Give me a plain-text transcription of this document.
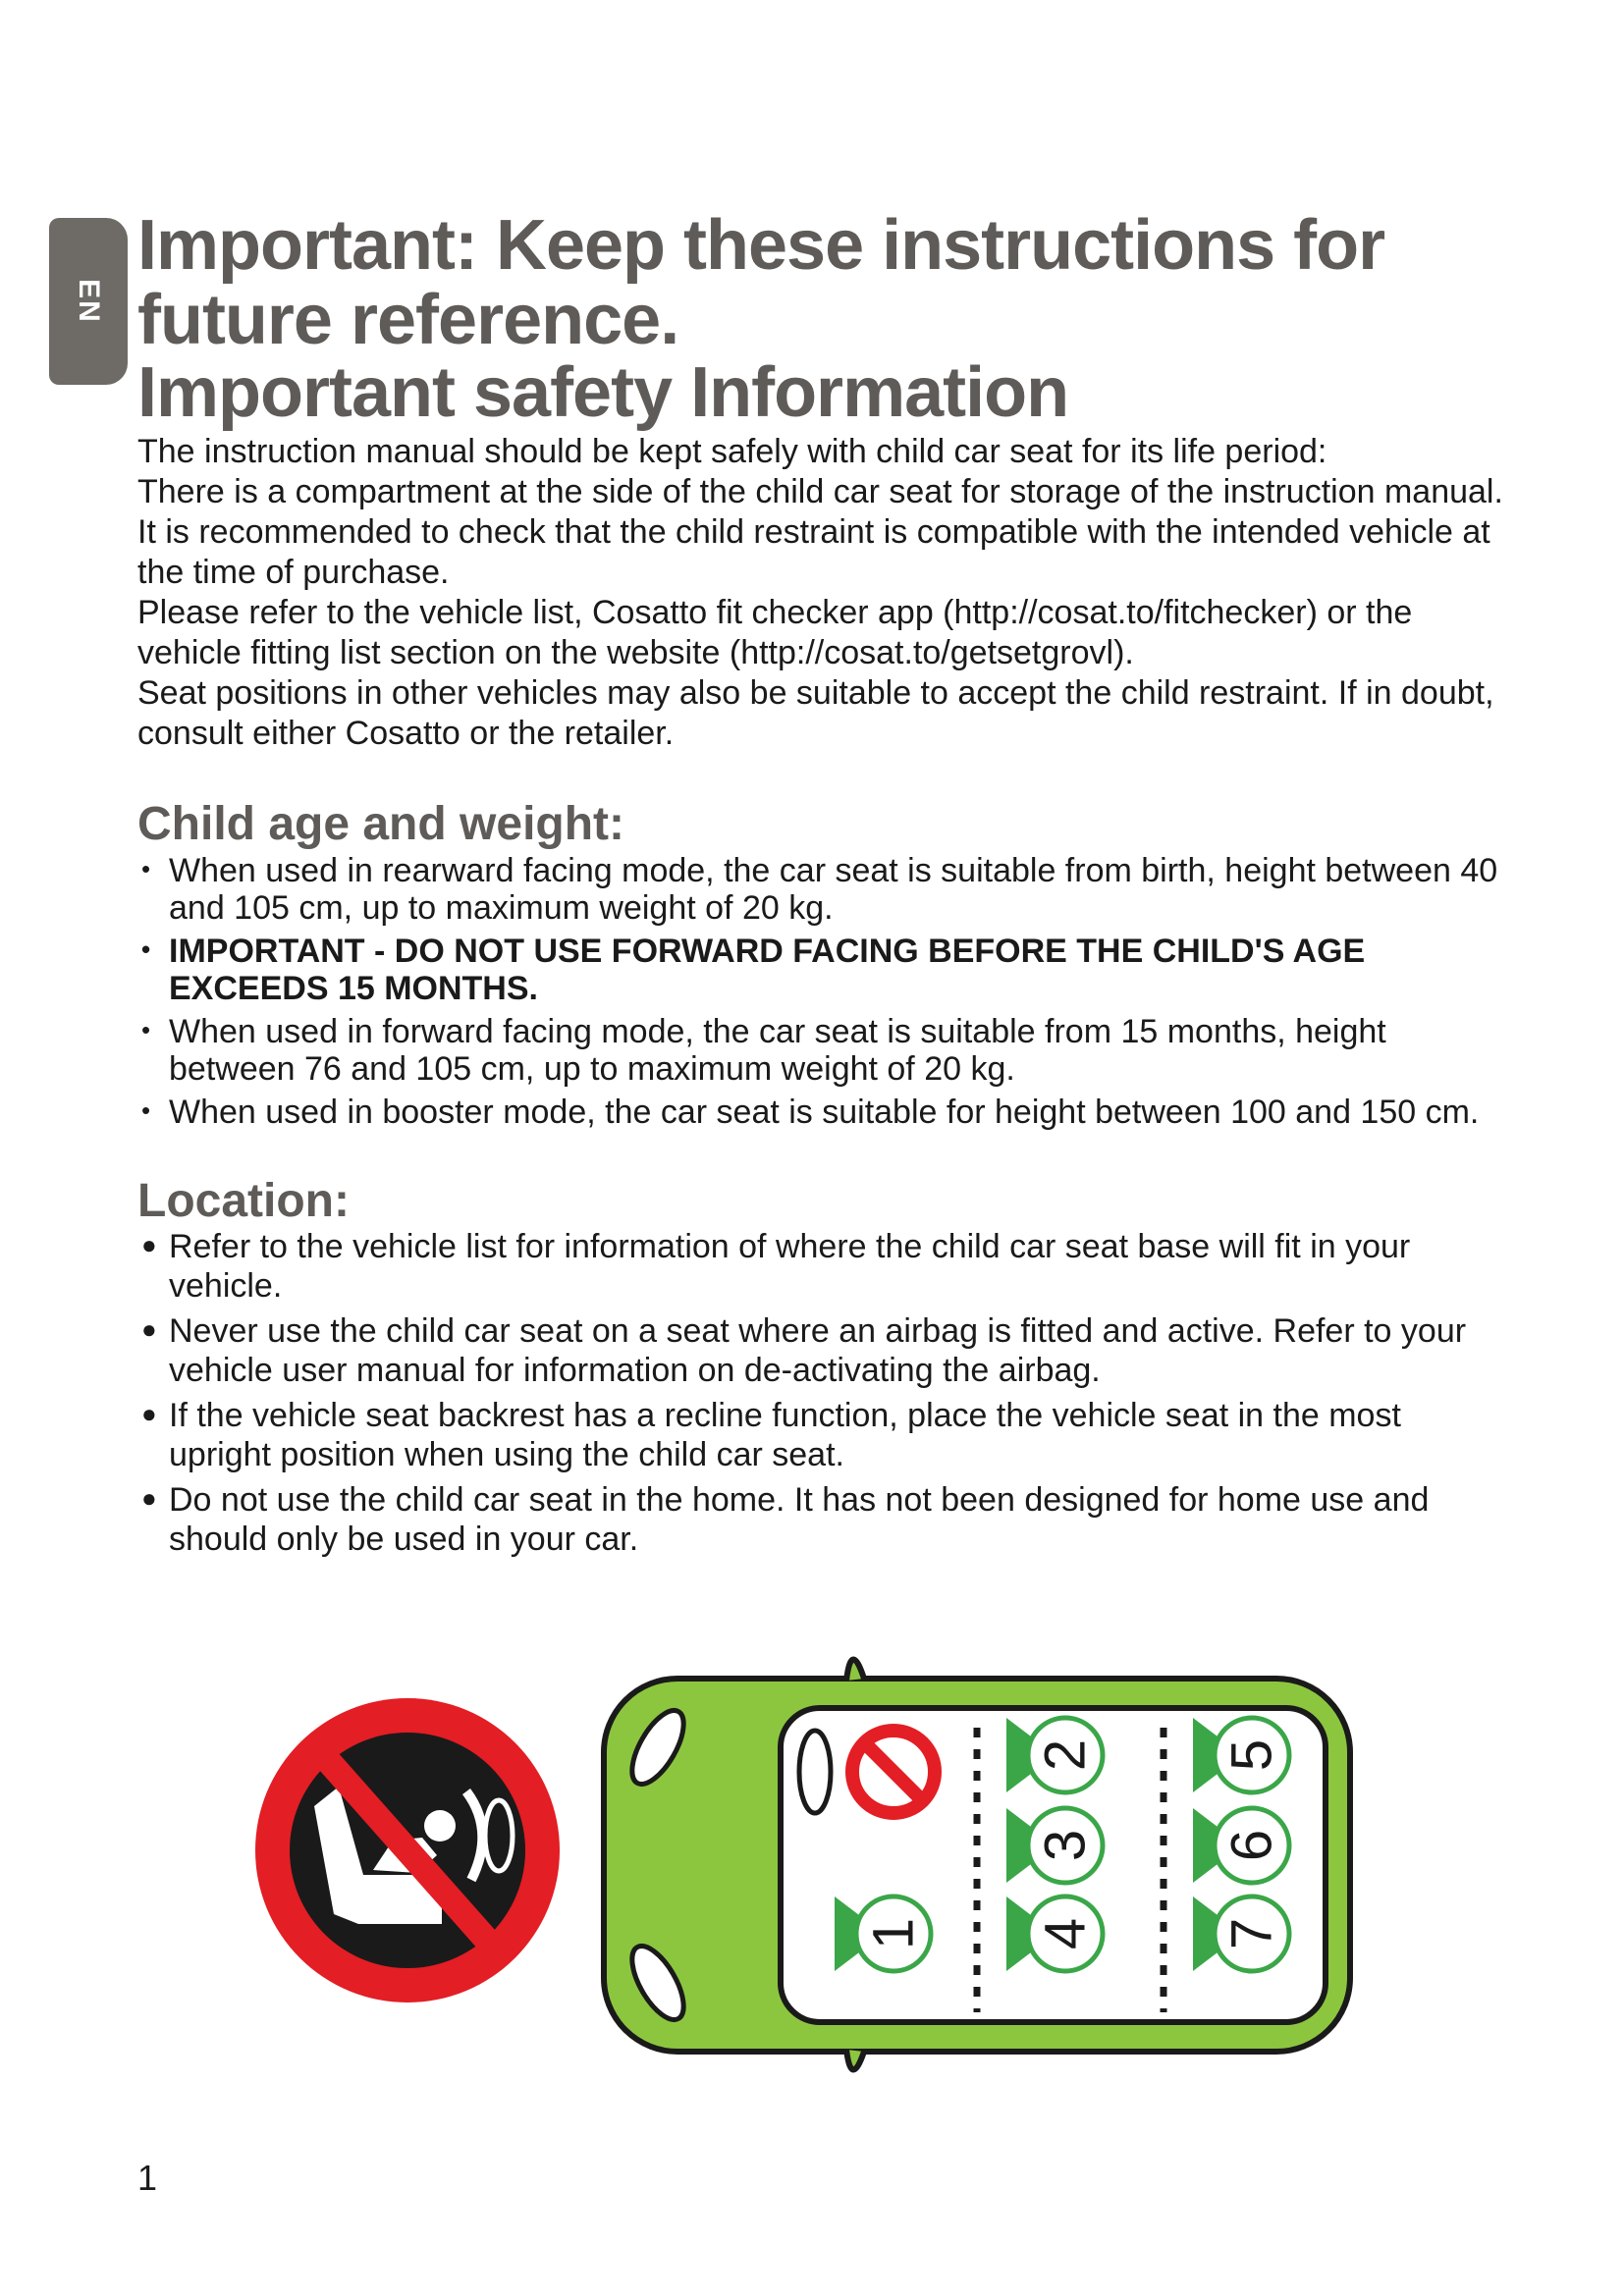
EN
Important: Keep these instructions for future reference.
Important safety Information

The instruction manual should be kept safely with child car seat for its life period:

There is a compartment at the side of the child car seat for storage of the instruction manual.

It is recommended to check that the child restraint is compatible with the intended vehicle at the time of purchase.

Please refer to the vehicle list, Cosatto fit checker app (http://cosat.to/fitchecker) or the vehicle fitting list section on the website (http://cosat.to/getsetgrovl).

Seat positions in other vehicles may also be suitable to accept the child restraint. If in doubt, consult either Cosatto or the retailer.

Child age and weight:
• When used in rearward facing mode, the car seat is suitable from birth, height between 40 and 105 cm, up to maximum weight of 20 kg.
• IMPORTANT - DO NOT USE FORWARD FACING BEFORE THE CHILD'S AGE EXCEEDS 15 MONTHS.
• When used in forward facing mode, the car seat is suitable from 15 months, height between 76 and 105 cm, up to maximum weight of 20 kg.
• When used in booster mode, the car seat is suitable for height between 100 and 150 cm.
Location:
● Refer to the vehicle list for information of where the child car seat base will fit in your vehicle.
● Never use the child car seat on a seat where an airbag is fitted and active. Refer to your vehicle user manual for information on de-activating the airbag.
● If the vehicle seat backrest has a recline function, place the vehicle seat in the most upright position when using the child car seat.
● Do not use the child car seat in the home. It has not been designed for home use and should only be used in your car.
AIRBAG
1
2
3
4
5
6
7
1
